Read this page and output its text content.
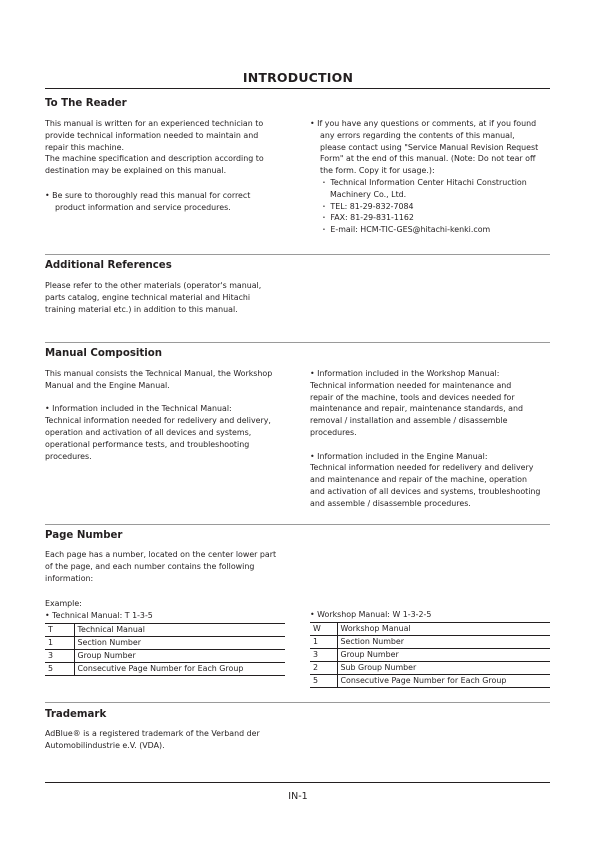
INTRODUCTION
To The Reader
This manual is written for an experienced technician to
provide technical information needed to maintain and
repair this machine.
The machine specification and description according to
destination may be explained on this manual.
• Be sure to thoroughly read this manual for correct
product information and service procedures.
• If you have any questions or comments, at if you found
any errors regarding the contents of this manual,
please contact using "Service Manual Revision Request
Form" at the end of this manual. (Note: Do not tear off
the form. Copy it for usage.):
・ Technical Information Center Hitachi Construction
Machinery Co., Ltd.
・ TEL: 81-29-832-7084
・ FAX: 81-29-831-1162
・ E-mail: HCM-TIC-GES@hitachi-kenki.com
Additional References
Please refer to the other materials (operator's manual,
parts catalog, engine technical material and Hitachi
training material etc.) in addition to this manual.
Manual Composition
This manual consists the Technical Manual, the Workshop
Manual and the Engine Manual.
• Information included in the Technical Manual:
Technical information needed for redelivery and delivery,
operation and activation of all devices and systems,
operational performance tests, and troubleshooting
procedures.
• Information included in the Workshop Manual:
Technical information needed for maintenance and
repair of the machine, tools and devices needed for
maintenance and repair, maintenance standards, and
removal / installation and assemble / disassemble
procedures.
• Information included in the Engine Manual:
Technical information needed for redelivery and delivery
and maintenance and repair of the machine, operation
and activation of all devices and systems, troubleshooting
and assemble / disassemble procedures.
Page Number
Each page has a number, located on the center lower part
of the page, and each number contains the following
information:
Example:
• Technical Manual: T 1-3-5
T	Technical Manual
1	Section Number
3	Group Number
5	Consecutive Page Number for Each Group
• Workshop Manual: W 1-3-2-5
W	Workshop Manual
1	Section Number
3	Group Number
2	Sub Group Number
5	Consecutive Page Number for Each Group
Trademark
AdBlue® is a registered trademark of the Verband der
Automobilindustrie e.V. (VDA).
IN-1
